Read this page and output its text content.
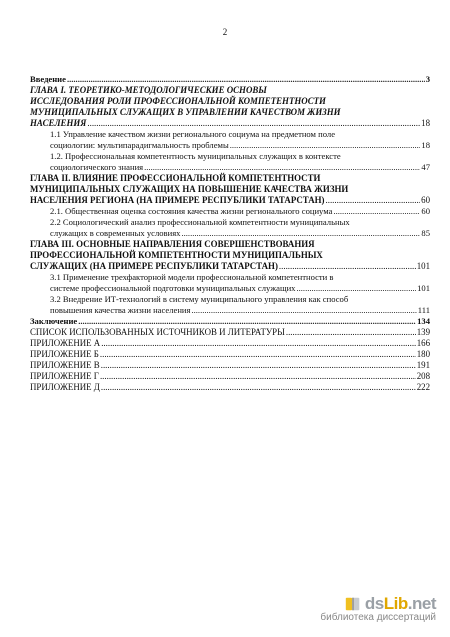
2
Введение .....	3
ГЛАВА I. ТЕОРЕТИКО-МЕТОДОЛОГИЧЕСКИЕ ОСНОВЫ
ИССЛЕДОВАНИЯ РОЛИ ПРОФЕССИОНАЛЬНОЙ КОМПЕТЕНТНОСТИ
МУНИЦИПАЛЬНЫХ СЛУЖАЩИХ В УПРАВЛЕНИИ КАЧЕСТВОМ ЖИЗНИ
НАСЕЛЕНИЯ .....	18
1.1 Управление качеством жизни регионального социума на предметном поле
социологии: мультипарадигмальность проблемы .....	18
1.2. Профессиональная компетентность муниципальных служащих в контексте
социологического знания .....	47
ГЛАВА II. ВЛИЯНИЕ ПРОФЕССИОНАЛЬНОЙ КОМПЕТЕНТНОСТИ
МУНИЦИПАЛЬНЫХ СЛУЖАЩИХ НА ПОВЫШЕНИЕ КАЧЕСТВА ЖИЗНИ
НАСЕЛЕНИЯ РЕГИОНА (НА ПРИМЕРЕ РЕСПУБЛИКИ ТАТАРСТАН) .....	60
2.1. Общественная оценка состояния качества жизни регионального социума .....	60
2.2 Социологический анализ профессиональной компетентности муниципальных
служащих в современных условиях .....	85
ГЛАВА III. ОСНОВНЫЕ НАПРАВЛЕНИЯ СОВЕРШЕНСТВОВАНИЯ
ПРОФЕССИОНАЛЬНОЙ КОМПЕТЕНТНОСТИ МУНИЦИПАЛЬНЫХ
СЛУЖАЩИХ (НА ПРИМЕРЕ РЕСПУБЛИКИ ТАТАРСТАН) .....	101
3.1 Применение трехфакторной модели профессиональной компетентности в
системе профессиональной подготовки муниципальных служащих .....	101
3.2 Внедрение ИТ-технологий в систему муниципального управления как способ
повышения качества жизни населения .....	111
Заключение .....	134
СПИСОК ИСПОЛЬЗОВАННЫХ ИСТОЧНИКОВ И ЛИТЕРАТУРЫ .....	139
ПРИЛОЖЕНИЕ А .....	166
ПРИЛОЖЕНИЕ Б .....	180
ПРИЛОЖЕНИЕ В .....	191
ПРИЛОЖЕНИЕ Г .....	208
ПРИЛОЖЕНИЕ Д .....	222
ds Lib .net
библиотека диссертаций
